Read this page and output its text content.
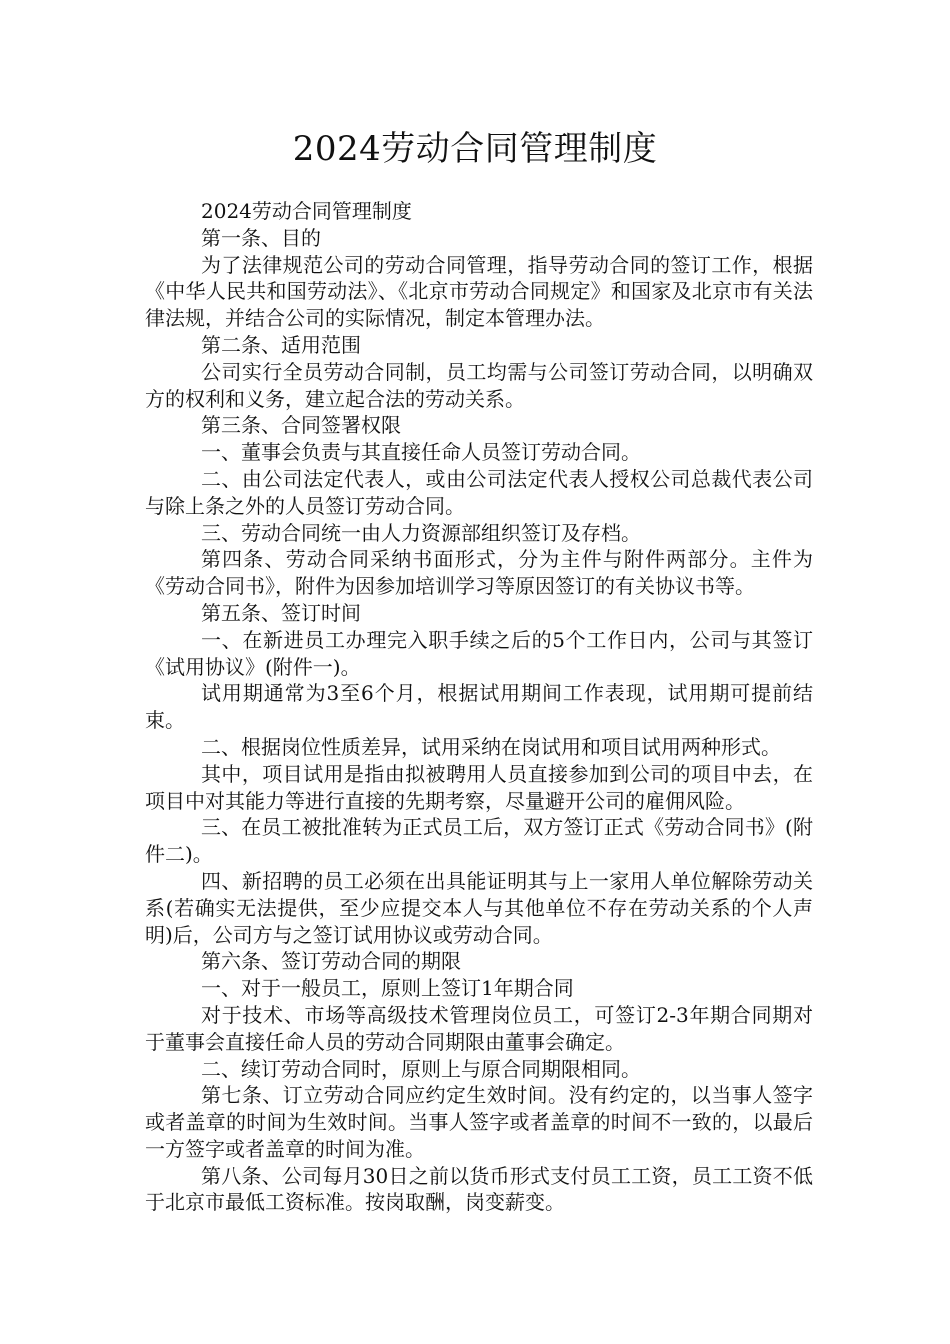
2024劳动合同管理制度

2024劳动合同管理制度

第一条、目的

为了法律规范公司的劳动合同管理，指导劳动合同的签订工作，根据《中华人民共和国劳动法》、《北京市劳动合同规定》和国家及北京市有关法律法规，并结合公司的实际情况，制定本管理办法。

第二条、适用范围

公司实行全员劳动合同制，员工均需与公司签订劳动合同，以明确双方的权利和义务，建立起合法的劳动关系。

第三条、合同签署权限

一、董事会负责与其直接任命人员签订劳动合同。

二、由公司法定代表人，或由公司法定代表人授权公司总裁代表公司与除上条之外的人员签订劳动合同。

三、劳动合同统一由人力资源部组织签订及存档。

第四条、劳动合同采纳书面形式，分为主件与附件两部分。主件为《劳动合同书》，附件为因参加培训学习等原因签订的有关协议书等。

第五条、签订时间

一、在新进员工办理完入职手续之后的5个工作日内，公司与其签订《试用协议》(附件一)。

试用期通常为3至6个月，根据试用期间工作表现，试用期可提前结束。

二、根据岗位性质差异，试用采纳在岗试用和项目试用两种形式。

其中，项目试用是指由拟被聘用人员直接参加到公司的项目中去，在项目中对其能力等进行直接的先期考察，尽量避开公司的雇佣风险。

三、在员工被批准转为正式员工后，双方签订正式《劳动合同书》(附件二)。

四、新招聘的员工必须在出具能证明其与上一家用人单位解除劳动关系(若确实无法提供，至少应提交本人与其他单位不存在劳动关系的个人声明)后，公司方与之签订试用协议或劳动合同。

第六条、签订劳动合同的期限

一、对于一般员工，原则上签订1年期合同

对于技术、市场等高级技术管理岗位员工，可签订2-3年期合同期对于董事会直接任命人员的劳动合同期限由董事会确定。

二、续订劳动合同时，原则上与原合同期限相同。

第七条、订立劳动合同应约定生效时间。没有约定的，以当事人签字或者盖章的时间为生效时间。当事人签字或者盖章的时间不一致的，以最后一方签字或者盖章的时间为准。

第八条、公司每月30日之前以货币形式支付员工工资，员工工资不低于北京市最低工资标准。按岗取酬，岗变薪变。
